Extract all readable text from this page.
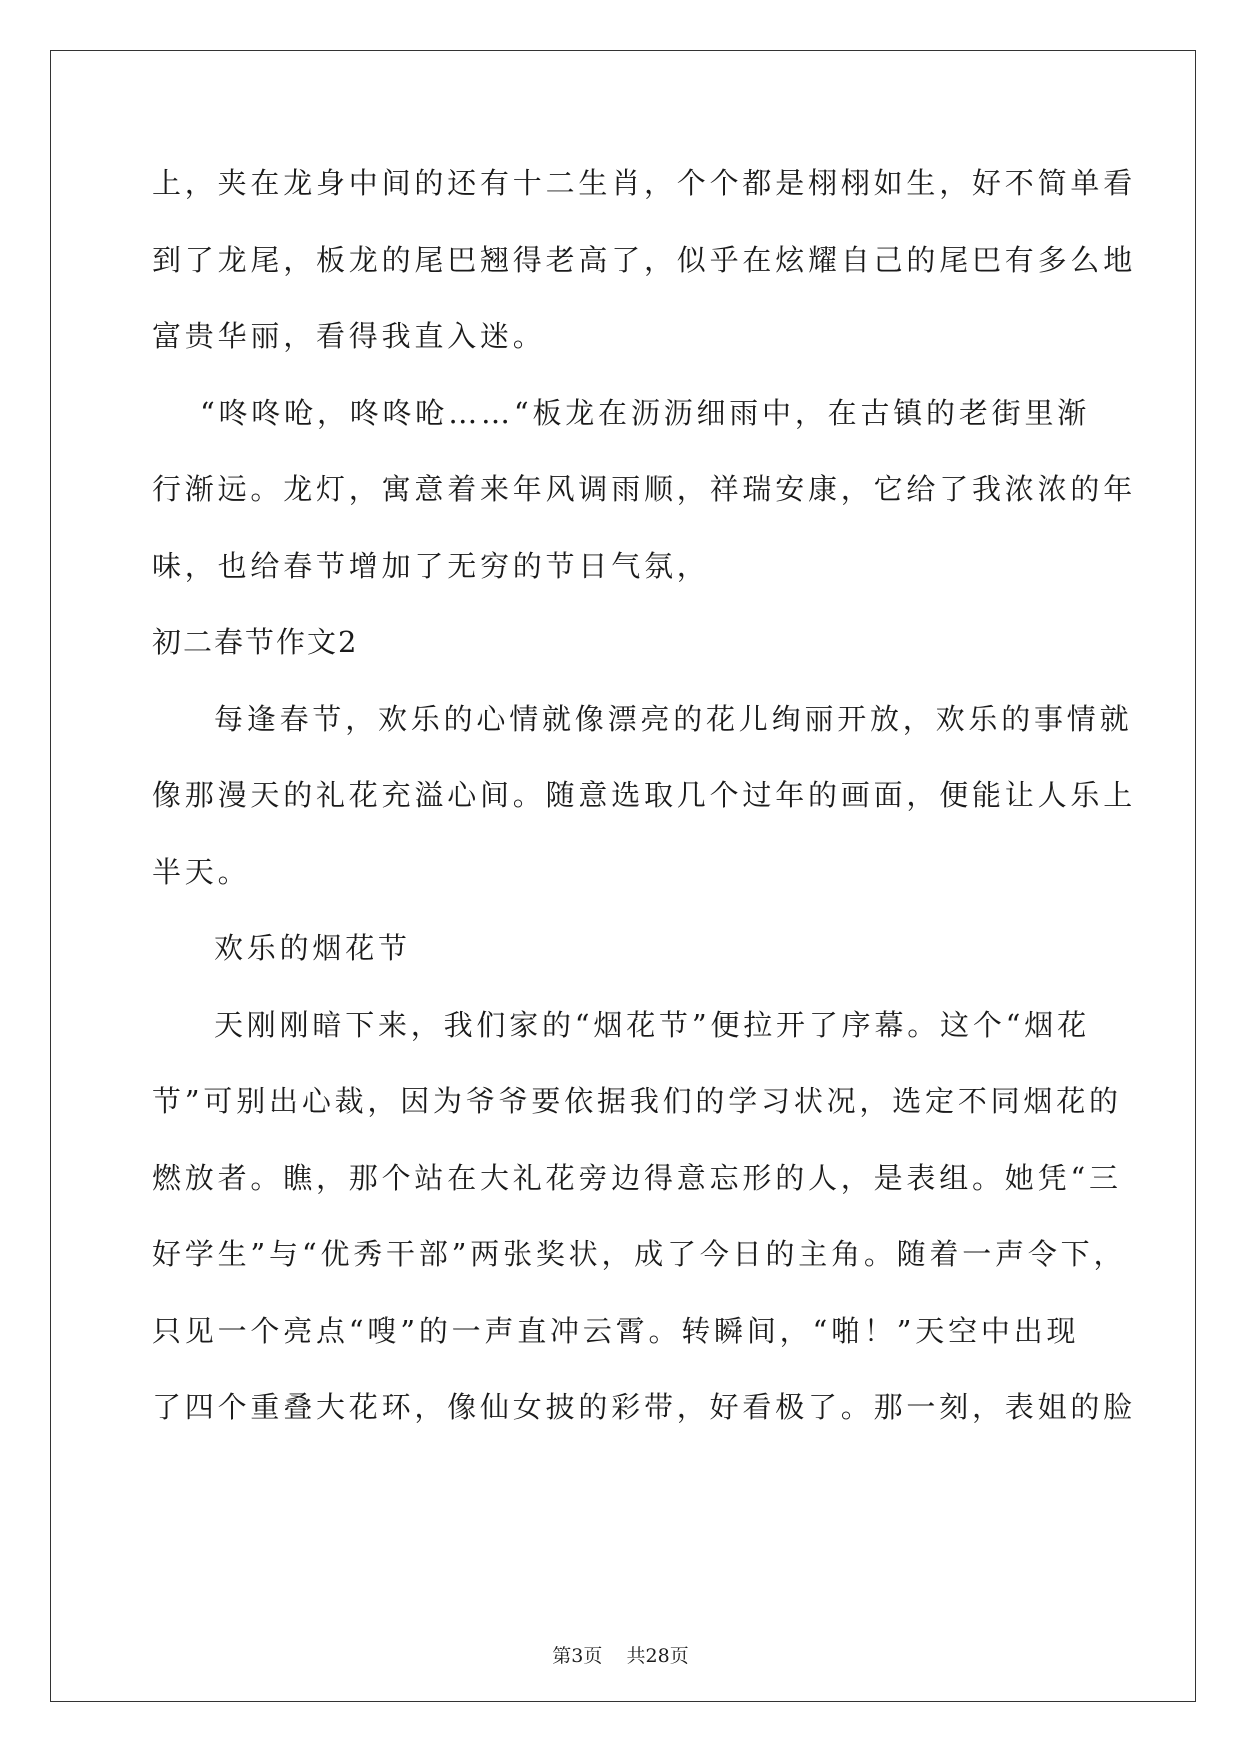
上，夹在龙身中间的还有十二生肖，个个都是栩栩如生，好不简单看
到了龙尾，板龙的尾巴翘得老高了，似乎在炫耀自己的尾巴有多么地
富贵华丽，看得我直入迷。
“咚咚呛，咚咚呛……“板龙在沥沥细雨中，在古镇的老街里渐
行渐远。龙灯，寓意着来年风调雨顺，祥瑞安康，它给了我浓浓的年
味，也给春节增加了无穷的节日气氛，
初二春节作文2
每逢春节，欢乐的心情就像漂亮的花儿绚丽开放，欢乐的事情就
像那漫天的礼花充溢心间。随意选取几个过年的画面，便能让人乐上
半天。
欢乐的烟花节
天刚刚暗下来，我们家的“烟花节”便拉开了序幕。这个“烟花
节”可别出心裁，因为爷爷要依据我们的学习状况，选定不同烟花的
燃放者。瞧，那个站在大礼花旁边得意忘形的人，是表组。她凭“三
好学生”与“优秀干部”两张奖状，成了今日的主角。随着一声令下，
只见一个亮点“嗖”的一声直冲云霄。转瞬间，“啪！”天空中出现
了四个重叠大花环，像仙女披的彩带，好看极了。那一刻，表姐的脸
第3页    共28页
